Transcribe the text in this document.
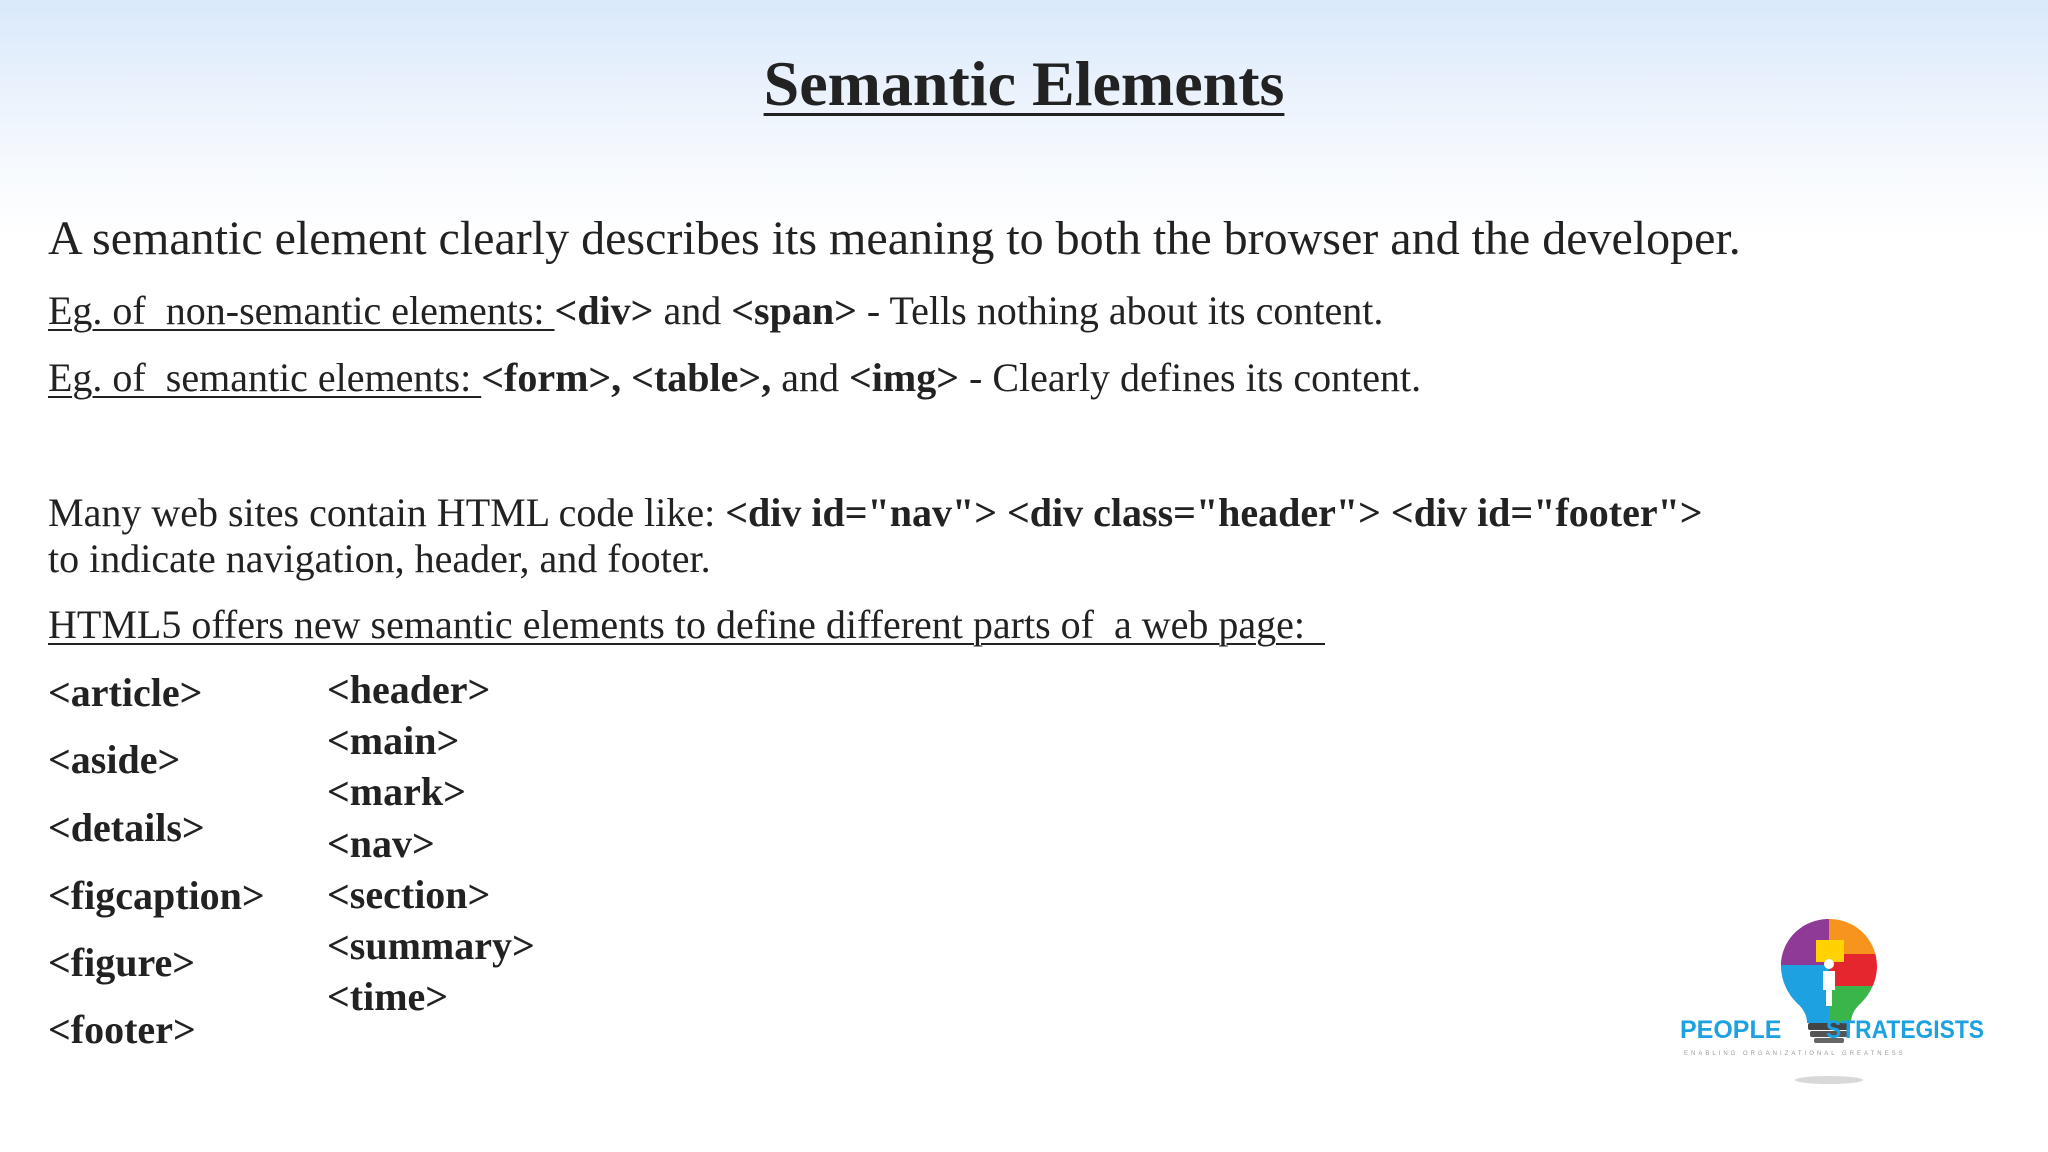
Semantic Elements
A semantic element clearly describes its meaning to both the browser and the developer.
Eg. of  non-semantic elements: <div> and <span> - Tells nothing about its content.
Eg. of  semantic elements: <form>, <table>, and <img> - Clearly defines its content.
Many web sites contain HTML code like: <div id="nav"> <div class="header"> <div id="footer">
to indicate navigation, header, and footer.
HTML5 offers new semantic elements to define different parts of  a web page:
<article>
<aside>
<details>
<figcaption>
<figure>
<footer>
<header>
<main>
<mark>
<nav>
<section>
<summary>
<time>
PEOPLE STRATEGISTS
ENABLING ORGANIZATIONAL GREATNESS
